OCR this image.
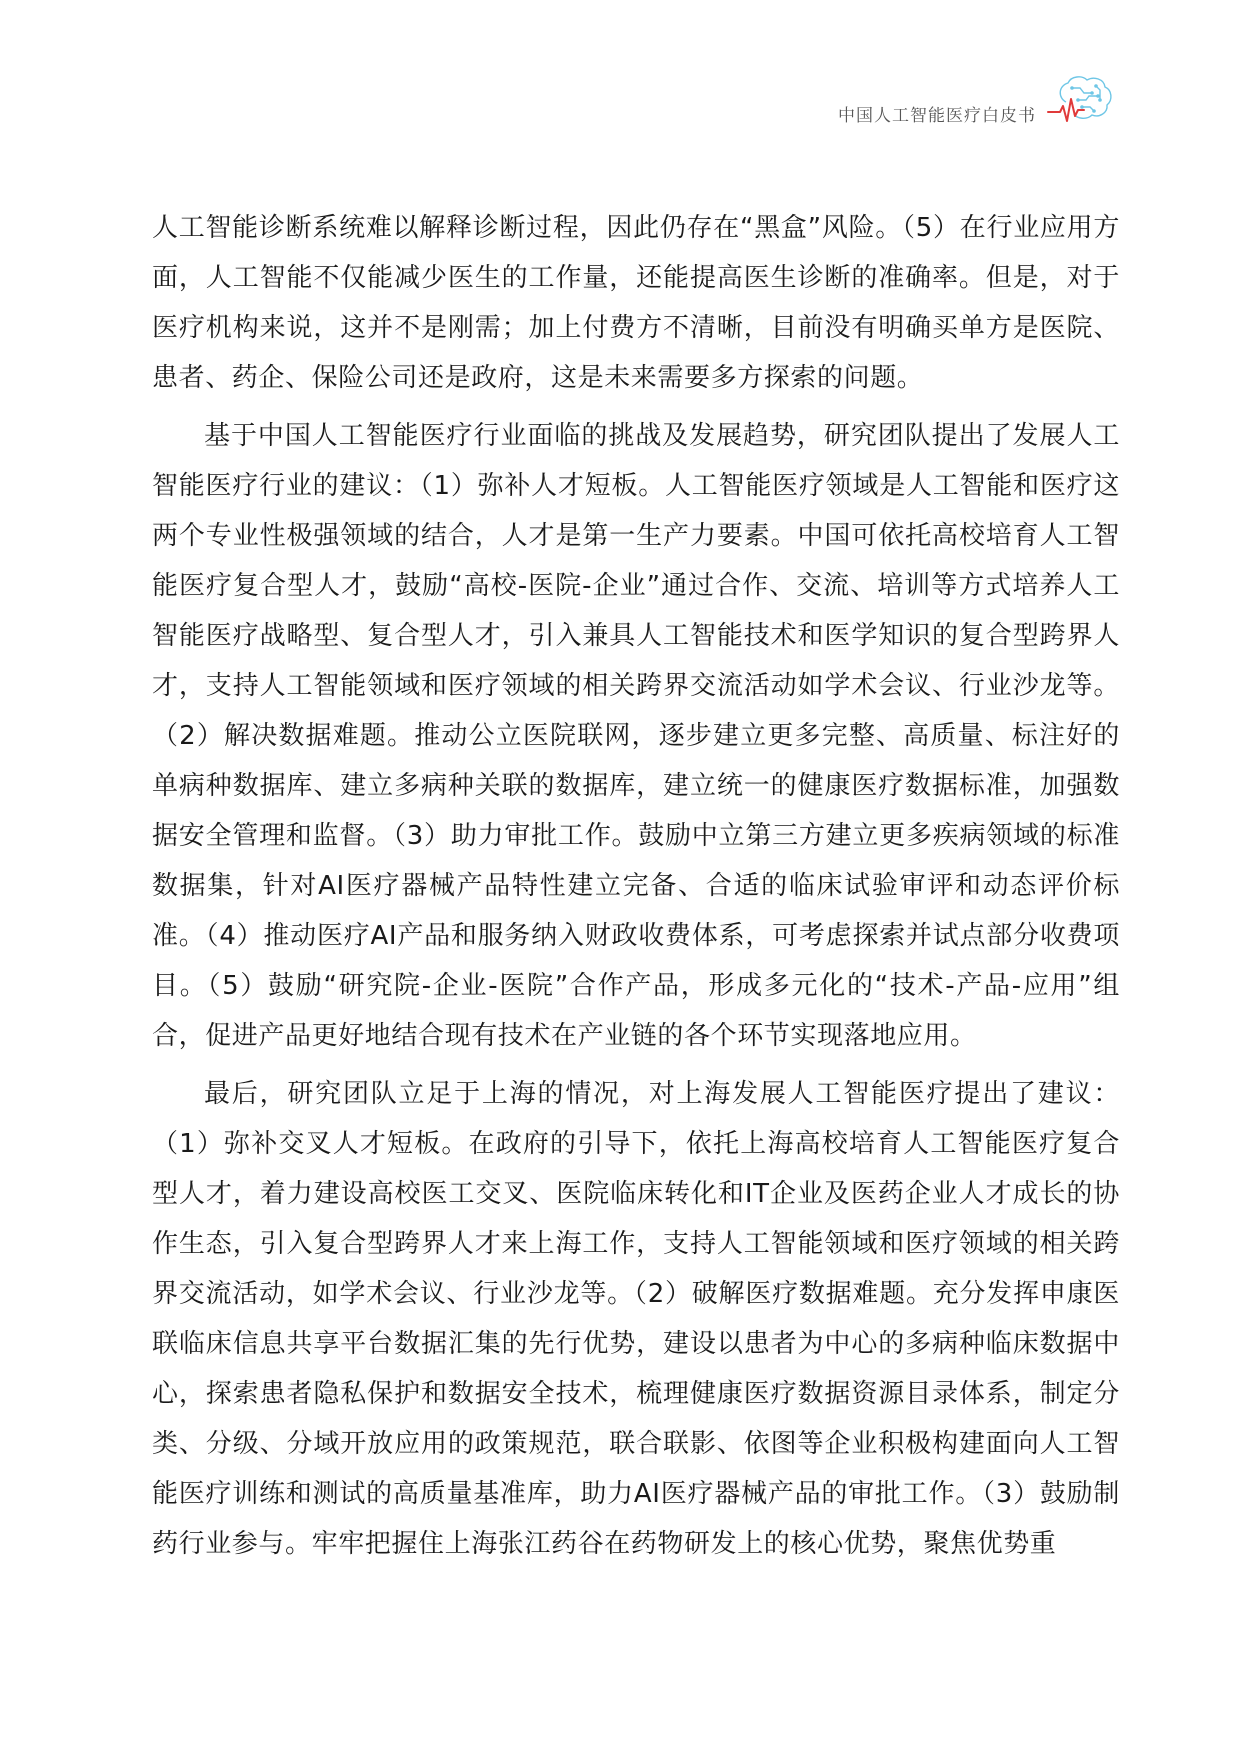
中国人工智能医疗白皮书

人工智能诊断系统难以解释诊断过程，因此仍存在“黑盒”风险。（5）在行业应用方面，人工智能不仅能减少医生的工作量，还能提高医生诊断的准确率。但是，对于医疗机构来说，这并不是刚需；加上付费方不清晰，目前没有明确买单方是医院、患者、药企、保险公司还是政府，这是未来需要多方探索的问题。

基于中国人工智能医疗行业面临的挑战及发展趋势，研究团队提出了发展人工智能医疗行业的建议：（1）弥补人才短板。人工智能医疗领域是人工智能和医疗这两个专业性极强领域的结合，人才是第一生产力要素。中国可依托高校培育人工智能医疗复合型人才，鼓励“高校-医院-企业”通过合作、交流、培训等方式培养人工智能医疗战略型、复合型人才，引入兼具人工智能技术和医学知识的复合型跨界人才，支持人工智能领域和医疗领域的相关跨界交流活动如学术会议、行业沙龙等。（2）解决数据难题。推动公立医院联网，逐步建立更多完整、高质量、标注好的单病种数据库、建立多病种关联的数据库，建立统一的健康医疗数据标准，加强数据安全管理和监督。（3）助力审批工作。鼓励中立第三方建立更多疾病领域的标准数据集，针对AI医疗器械产品特性建立完备、合适的临床试验审评和动态评价标准。（4）推动医疗AI产品和服务纳入财政收费体系，可考虑探索并试点部分收费项目。（5）鼓励“研究院-企业-医院”合作产品，形成多元化的“技术-产品-应用”组合，促进产品更好地结合现有技术在产业链的各个环节实现落地应用。

最后，研究团队立足于上海的情况，对上海发展人工智能医疗提出了建议：（1）弥补交叉人才短板。在政府的引导下，依托上海高校培育人工智能医疗复合型人才，着力建设高校医工交叉、医院临床转化和IT企业及医药企业人才成长的协作生态，引入复合型跨界人才来上海工作，支持人工智能领域和医疗领域的相关跨界交流活动，如学术会议、行业沙龙等。（2）破解医疗数据难题。充分发挥申康医联临床信息共享平台数据汇集的先行优势，建设以患者为中心的多病种临床数据中心，探索患者隐私保护和数据安全技术，梳理健康医疗数据资源目录体系，制定分类、分级、分域开放应用的政策规范，联合联影、依图等企业积极构建面向人工智能医疗训练和测试的高质量基准库，助力AI医疗器械产品的审批工作。（3）鼓励制药行业参与。牢牢把握住上海张江药谷在药物研发上的核心优势，聚焦优势重
